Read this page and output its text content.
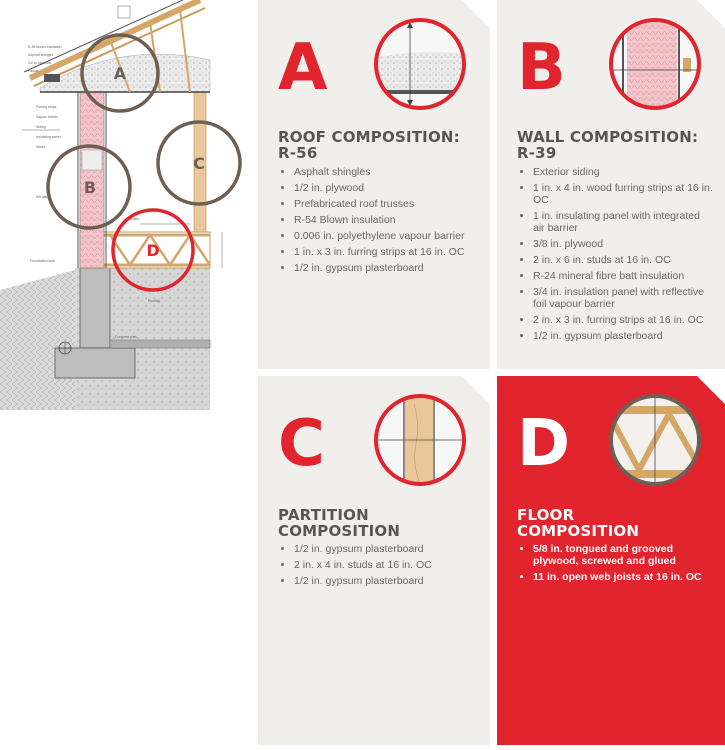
R-54 blown insulation
Asphalt shingles
1/2 in. plywood
Fascia
Furring strips
Vapour barrier
Siding
Insulating panel
Studs
Sill plate
Joists
Foundation wall
Footing
Concrete slab
A
B
C
D
A
ROOF COMPOSITION:
R-56
• Asphalt shingles
• 1/2 in. plywood
• Prefabricated roof trusses
• R-54 Blown insulation
• 0.006 in. polyethylene vapour barrier
• 1 in. x 3 in. furring strips at 16 in. OC
• 1/2 in. gypsum plasterboard
B
WALL COMPOSITION:
R-39
• Exterior siding
• 1 in. x 4 in. wood furring strips at 16 in. OC
• 1 in. insulating panel with integrated air barrier
• 3/8 in. plywood
• 2 in. x 6 in. studs at 16 in. OC
• R-24 mineral fibre batt insulation
• 3/4 in. insulation panel with reflective foil vapour barrier
• 2 in. x 3 in. furring strips at 16 in. OC
• 1/2 in. gypsum plasterboard
C
PARTITION
COMPOSITION
• 1/2 in. gypsum plasterboard
• 2 in. x 4 in. studs at 16 in. OC
• 1/2 in. gypsum plasterboard
D
FLOOR
COMPOSITION
• 5/8 in. tongued and grooved plywood, screwed and glued
• 11 in. open web joists at 16 in. OC
